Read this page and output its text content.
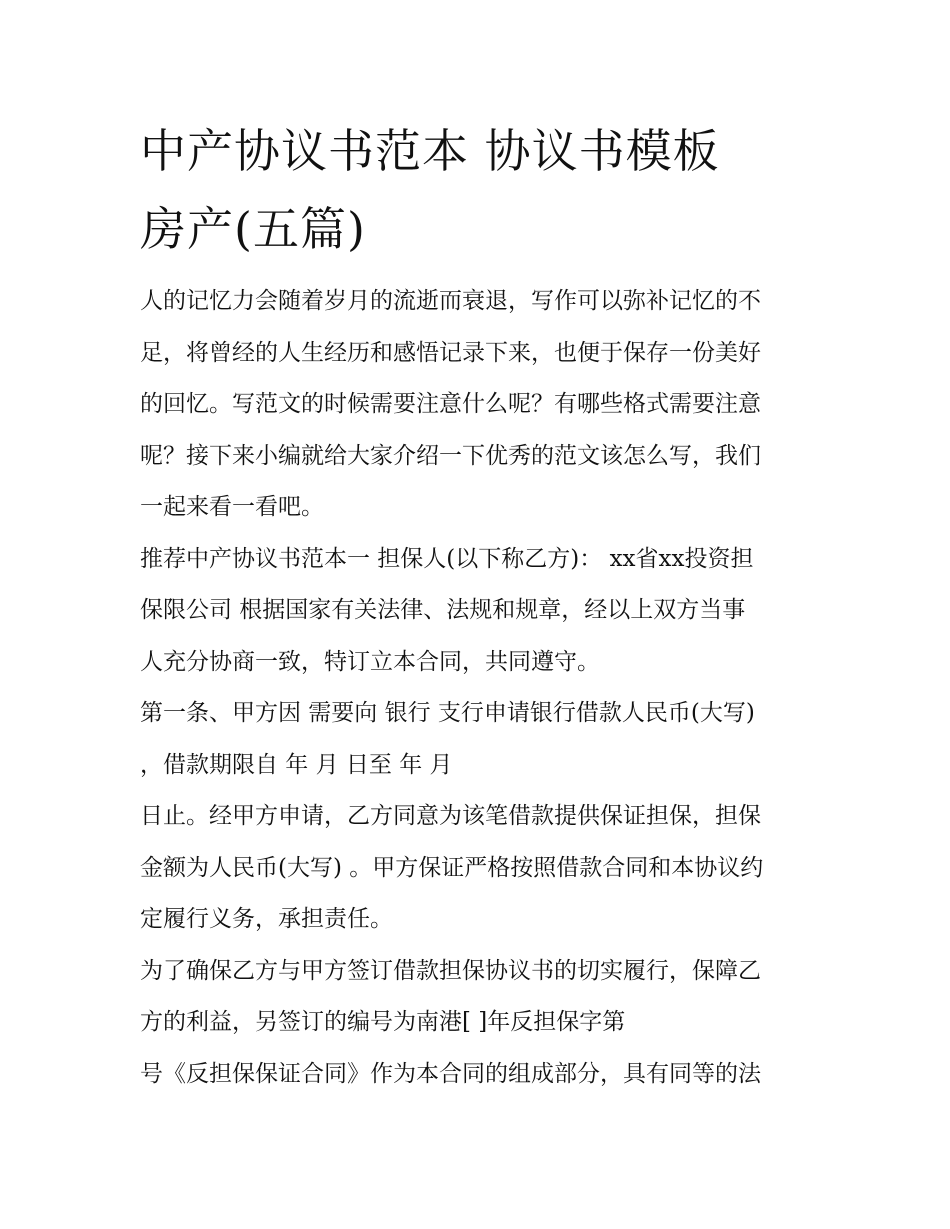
中产协议书范本 协议书模板
房产(五篇)
人的记忆力会随着岁月的流逝而衰退，写作可以弥补记忆的不
足，将曾经的人生经历和感悟记录下来，也便于保存一份美好
的回忆。写范文的时候需要注意什么呢？有哪些格式需要注意
呢？接下来小编就给大家介绍一下优秀的范文该怎么写，我们
一起来看一看吧。
推荐中产协议书范本一 担保人(以下称乙方)： xx省xx投资担
保限公司 根据国家有关法律、法规和规章，经以上双方当事
人充分协商一致，特订立本合同，共同遵守。
第一条、甲方因 需要向 银行 支行申请银行借款人民币(大写)
，借款期限自 年 月 日至 年 月
日止。经甲方申请，乙方同意为该笔借款提供保证担保，担保
金额为人民币(大写) 。甲方保证严格按照借款合同和本协议约
定履行义务，承担责任。
为了确保乙方与甲方签订借款担保协议书的切实履行，保障乙
方的利益，另签订的编号为南港[ ]年反担保字第
号《反担保保证合同》作为本合同的组成部分，具有同等的法
